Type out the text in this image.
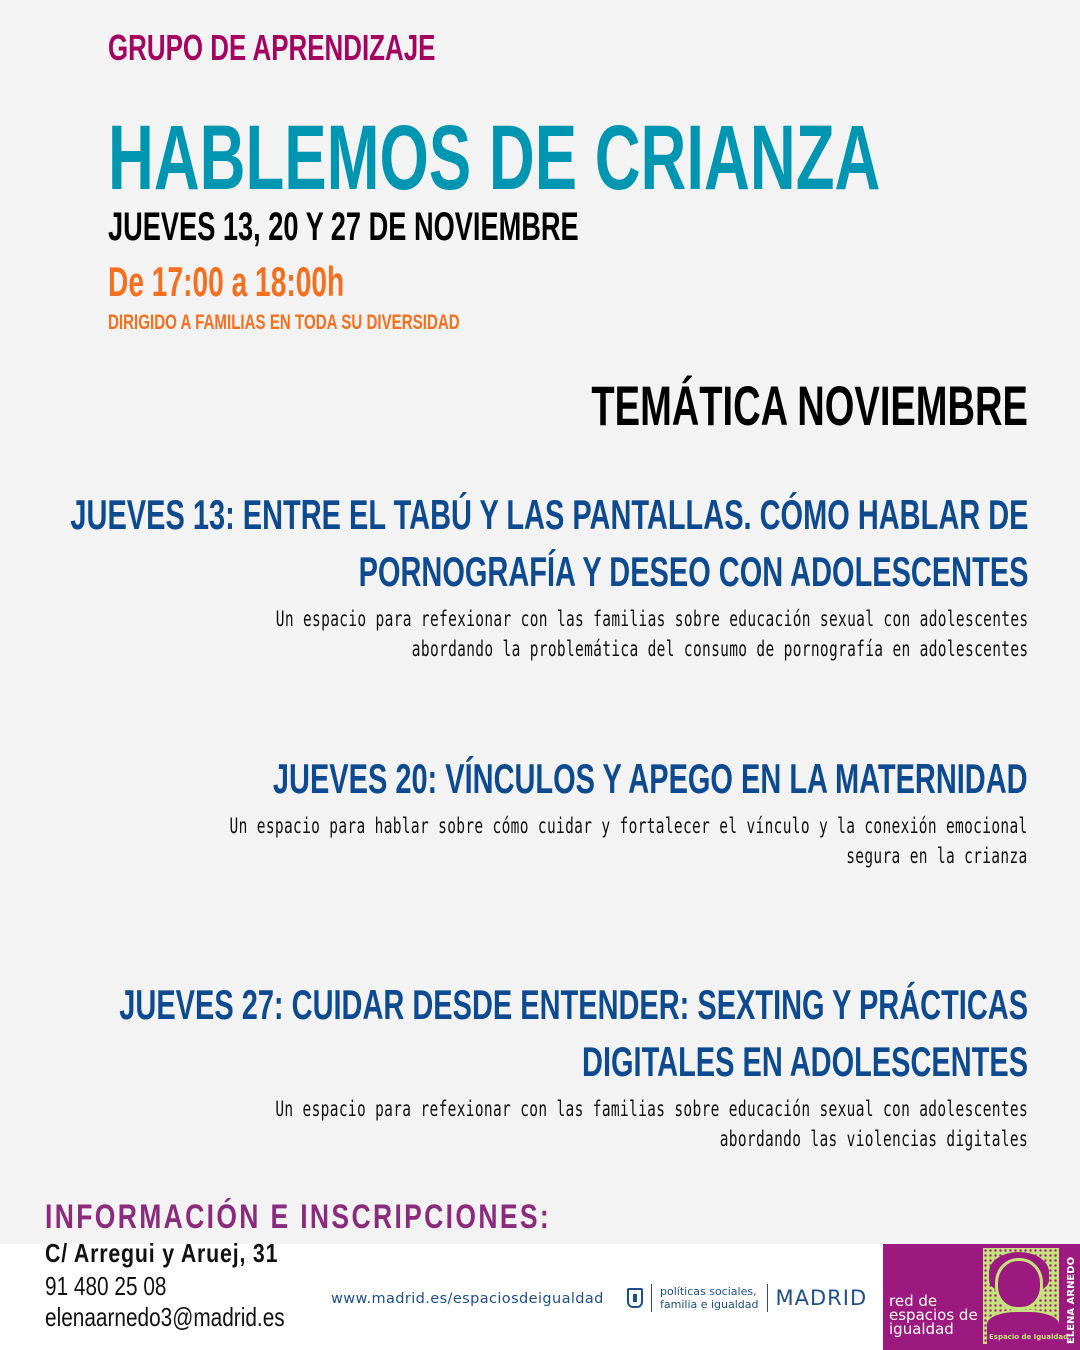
GRUPO DE APRENDIZAJE
HABLEMOS DE CRIANZA
JUEVES 13, 20 Y 27 DE NOVIEMBRE
De 17:00 a 18:00h
DIRIGIDO A FAMILIAS EN TODA SU DIVERSIDAD
TEMÁTICA NOVIEMBRE
JUEVES 13: ENTRE EL TABÚ Y LAS PANTALLAS. CÓMO HABLAR DE
PORNOGRAFÍA Y DESEO CON ADOLESCENTES
Un espacio para refexionar con las familias sobre educación sexual con adolescentes
abordando la problemática del consumo de pornografía en adolescentes
JUEVES 20: VÍNCULOS Y APEGO EN LA MATERNIDAD
Un espacio para hablar sobre cómo cuidar y fortalecer el vínculo y la conexión emocional
segura en la crianza
JUEVES 27: CUIDAR DESDE ENTENDER: SEXTING Y PRÁCTICAS
DIGITALES EN ADOLESCENTES
Un espacio para refexionar con las familias sobre educación sexual con adolescentes
abordando las violencias digitales
INFORMACIÓN E INSCRIPCIONES:
C/ Arregui y Aruej, 31
91 480 25 08
elenaarnedo3@madrid.es
www.madrid.es/espaciosdeigualdad	políticas sociales,
familia e igualdad MADRID red de
espacios de
igualdad	Espacio de Igualdad
ELENA ARNEDO
